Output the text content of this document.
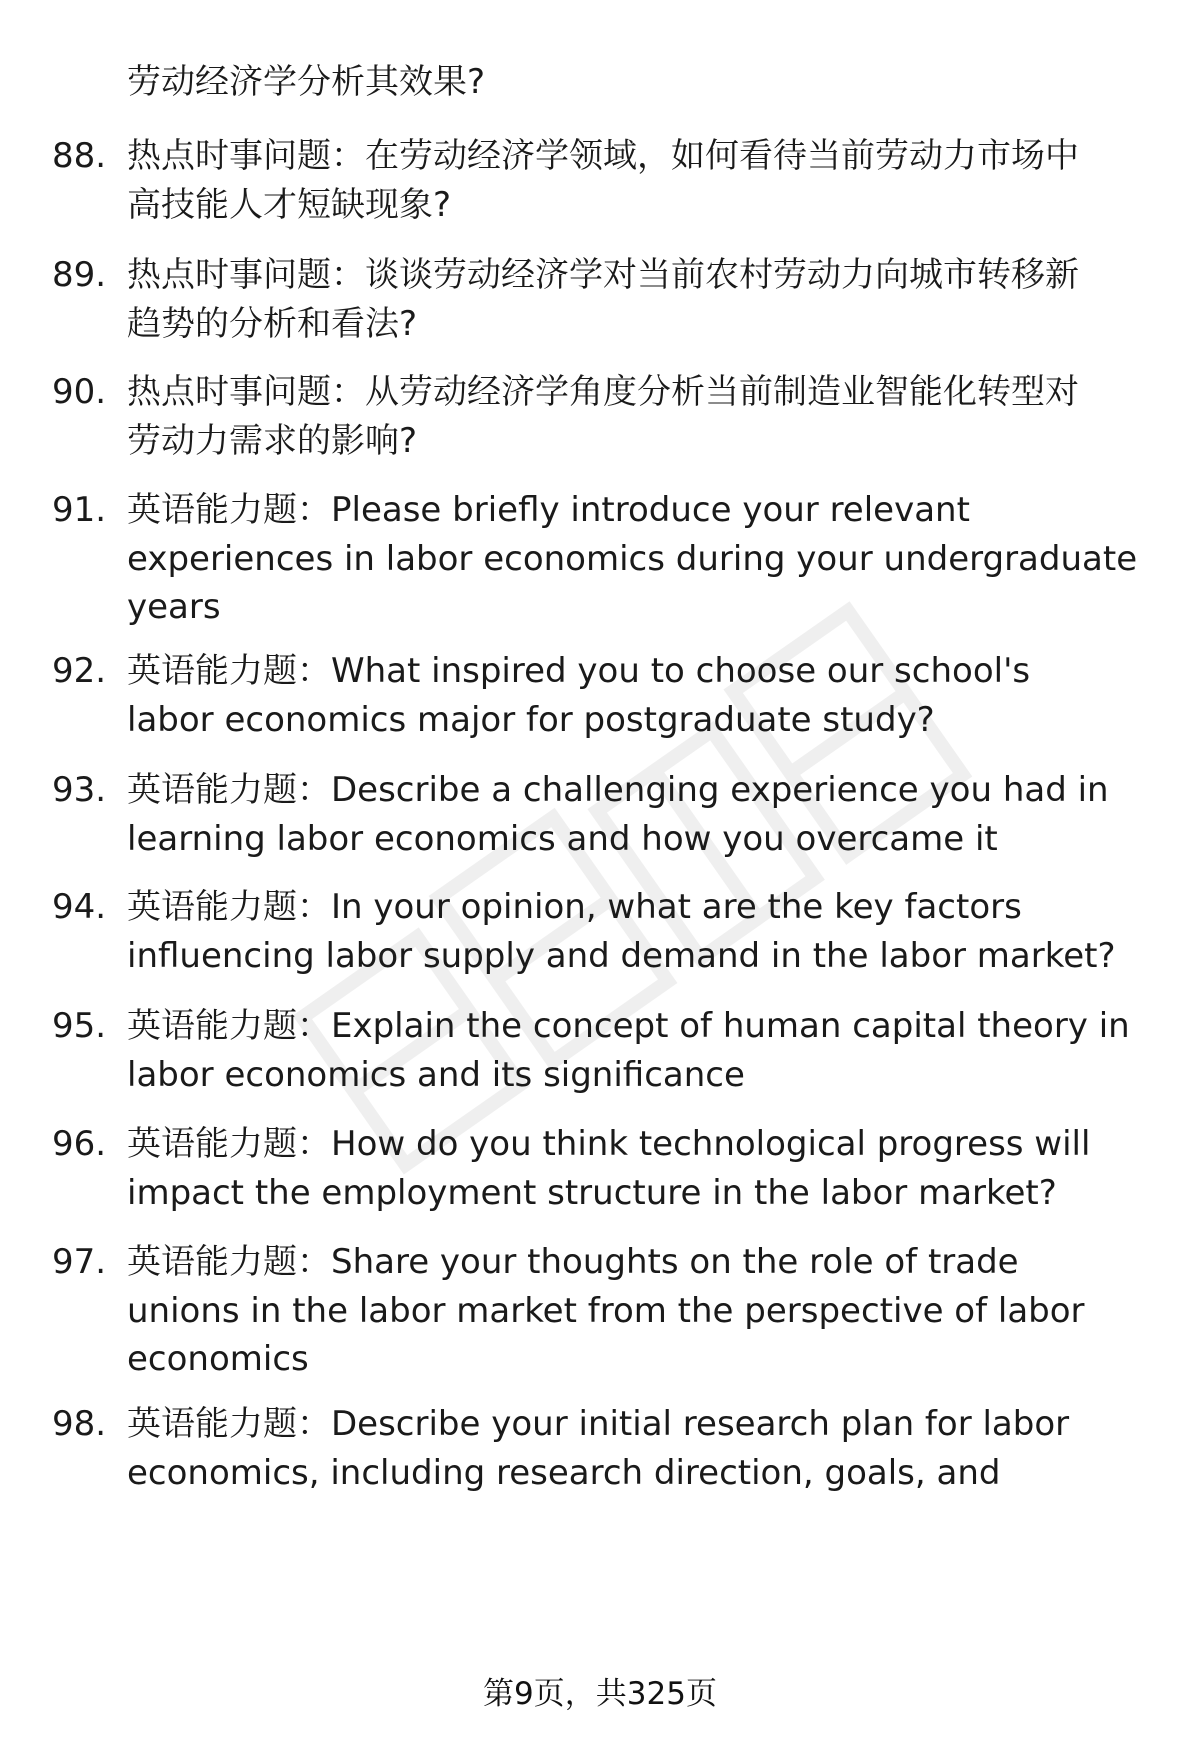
劳动经济学分析其效果?
88. 热点时事问题：在劳动经济学领域，如何看待当前劳动力市场中
高技能人才短缺现象?

89. 热点时事问题：谈谈劳动经济学对当前农村劳动力向城市转移新
趋势的分析和看法?

90. 热点时事问题：从劳动经济学角度分析当前制造业智能化转型对
劳动力需求的影响?

91. 英语能力题：Please briefly introduce your relevant
experiences in labor economics during your undergraduate
years

92. 英语能力题：What inspired you to choose our school's
labor economics major for postgraduate study?

93. 英语能力题：Describe a challenging experience you had in
learning labor economics and how you overcame it

94. 英语能力题：In your opinion, what are the key factors
influencing labor supply and demand in the labor market?

95. 英语能力题：Explain the concept of human capital theory in
labor economics and its significance

96. 英语能力题：How do you think technological progress will
impact the employment structure in the labor market?

97. 英语能力题：Share your thoughts on the role of trade
unions in the labor market from the perspective of labor
economics

98. 英语能力题：Describe your initial research plan for labor
economics, including research direction, goals, and

第9页，共325页
